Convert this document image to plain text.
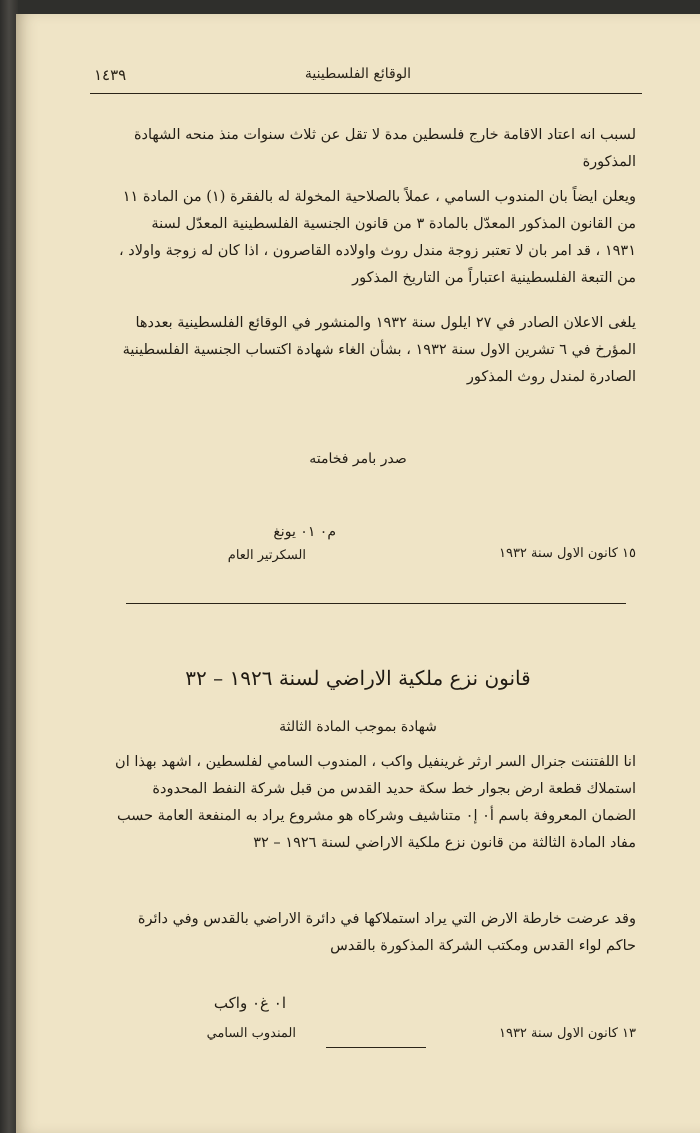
الوقائع الفلسطينية
١٤٣٩
لسبب انه اعتاد الاقامة خارج فلسطين مدة لا تقل عن ثلاث سنوات منذ منحه الشهادة المذكورة
ويعلن ايضاً بان المندوب السامي ، عملاً بالصلاحية المخولة له بالفقرة (١) من المادة ١١ من القانون المذكور المعدّل بالمادة ٣ من قانون الجنسية الفلسطينية المعدّل لسنة ١٩٣١ ، قد امر بان لا تعتبر زوجة مندل روث واولاده القاصرون ، اذا كان له زوجة واولاد ، من التبعة الفلسطينية اعتباراً من التاريخ المذكور
يلغى الاعلان الصادر في ٢٧ ايلول سنة ١٩٣٢ والمنشور في الوقائع الفلسطينية بعددها المؤرخ في ٦ تشرين الاول سنة ١٩٣٢ ، بشأن الغاء شهادة اكتساب الجنسية الفلسطينية الصادرة لمندل روث المذكور
صدر بامر فخامته
م٠ ٠١ يونغ
السكرتير العام	١٥ كانون الاول سنة ١٩٣٢
قانون نزع ملكية الاراضي لسنة ١٩٢٦ – ٣٢
شهادة بموجب المادة الثالثة
انا اللفتننت جنرال السر ارثر غرينفيل واكب ، المندوب السامي لفلسطين ، اشهد بهذا ان استملاك قطعة ارض بجوار خط سكة حديد القدس من قبل شركة النفط المحدودة الضمان المعروفة باسم أ٠ إ٠ متناشيف وشركاه هو مشروع يراد به المنفعة العامة حسب مفاد المادة الثالثة من قانون نزع ملكية الاراضي لسنة ١٩٢٦ – ٣٢
وقد عرضت خارطة الارض التي يراد استملاكها في دائرة الاراضي بالقدس وفي دائرة حاكم لواء القدس ومكتب الشركة المذكورة بالقدس
ا٠ غ٠ واكب
المندوب السامي	١٣ كانون الاول سنة ١٩٣٢
